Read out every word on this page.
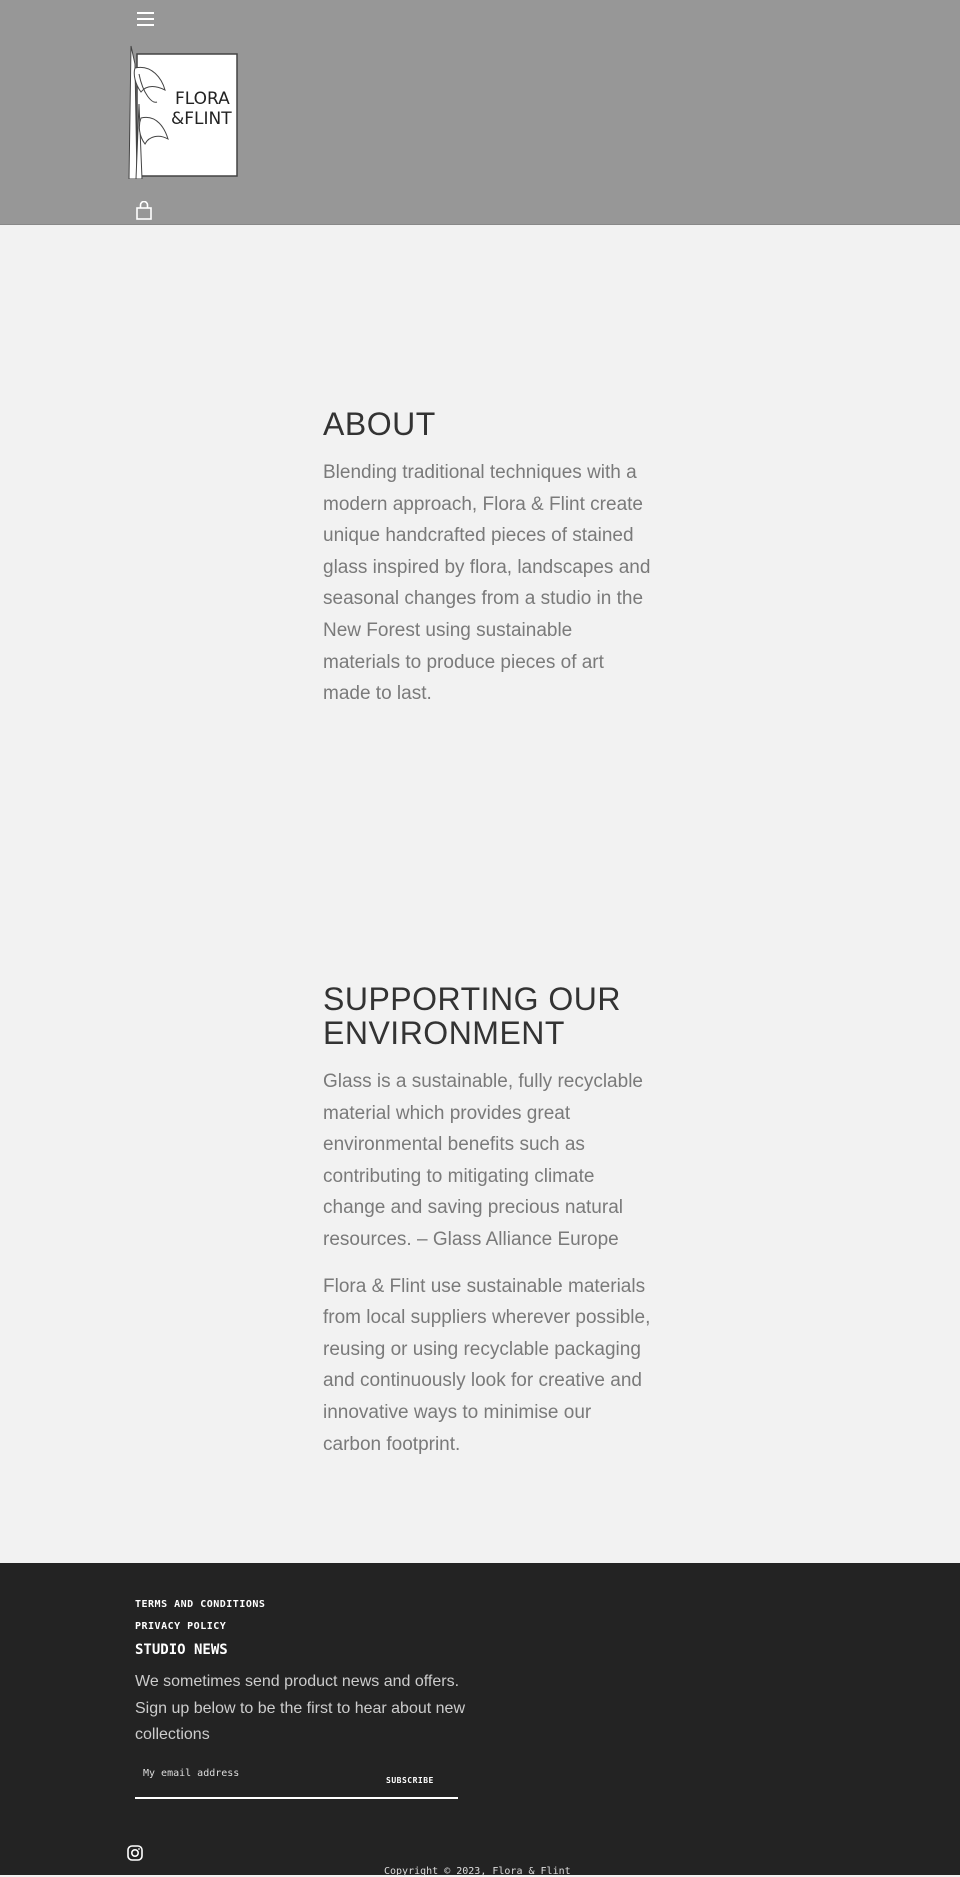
FLORA
&FLINT
ABOUT

Blending traditional techniques with a modern approach, Flora & Flint create unique handcrafted pieces of stained glass inspired by flora, landscapes and seasonal changes from a studio in the New Forest using sustainable materials to produce pieces of art made to last.

SUPPORTING OUR ENVIRONMENT

Glass is a sustainable, fully recyclable material which provides great environmental benefits such as contributing to mitigating climate change and saving precious natural resources. – Glass Alliance Europe

Flora & Flint use sustainable materials from local suppliers wherever possible, reusing or using recyclable packaging and continuously look for creative and innovative ways to minimise our carbon footprint.

TERMS AND CONDITIONS
PRIVACY POLICY
STUDIO NEWS
We sometimes send product news and offers. Sign up below to be the first to hear about new collections
My email address
SUBSCRIBE
Copyright © 2023, Flora & Flint
